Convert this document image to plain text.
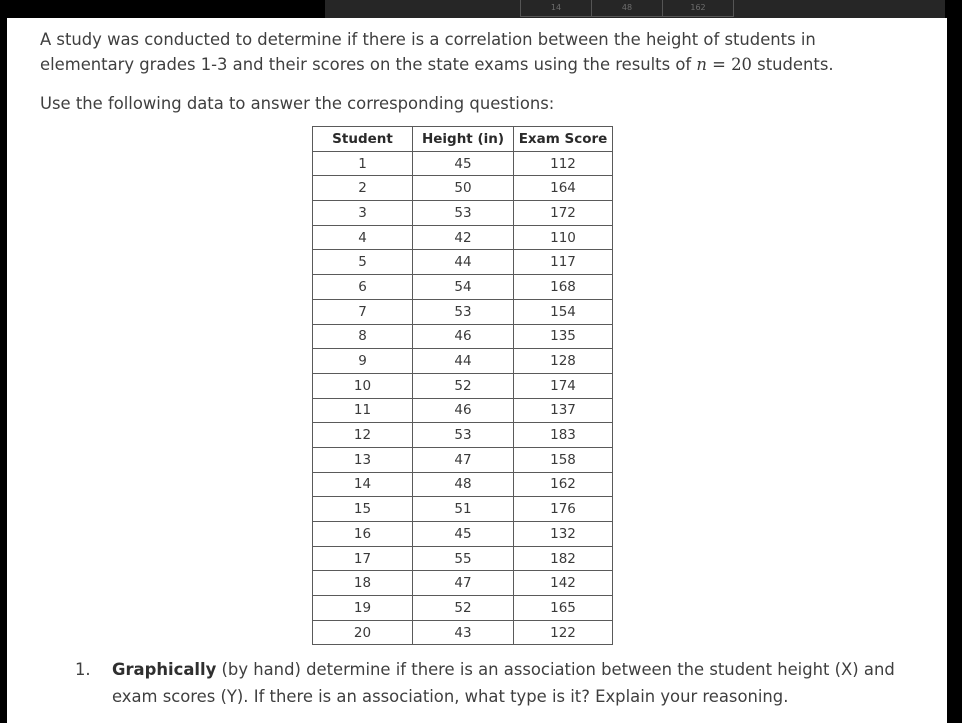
14	48	162
A study was conducted to determine if there is a correlation between the height of students in
elementary grades 1-3 and their scores on the state exams using the results of n = 20 students.
Use the following data to answer the corresponding questions:
Student	Height (in)	Exam Score
1	45	112
2	50	164
3	53	172
4	42	110
5	44	117
6	54	168
7	53	154
8	46	135
9	44	128
10	52	174
11	46	137
12	53	183
13	47	158
14	48	162
15	51	176
16	45	132
17	55	182
18	47	142
19	52	165
20	43	122
1. Graphically (by hand) determine if there is an association between the student height (X) and exam scores (Y). If there is an association, what type is it? Explain your reasoning.
